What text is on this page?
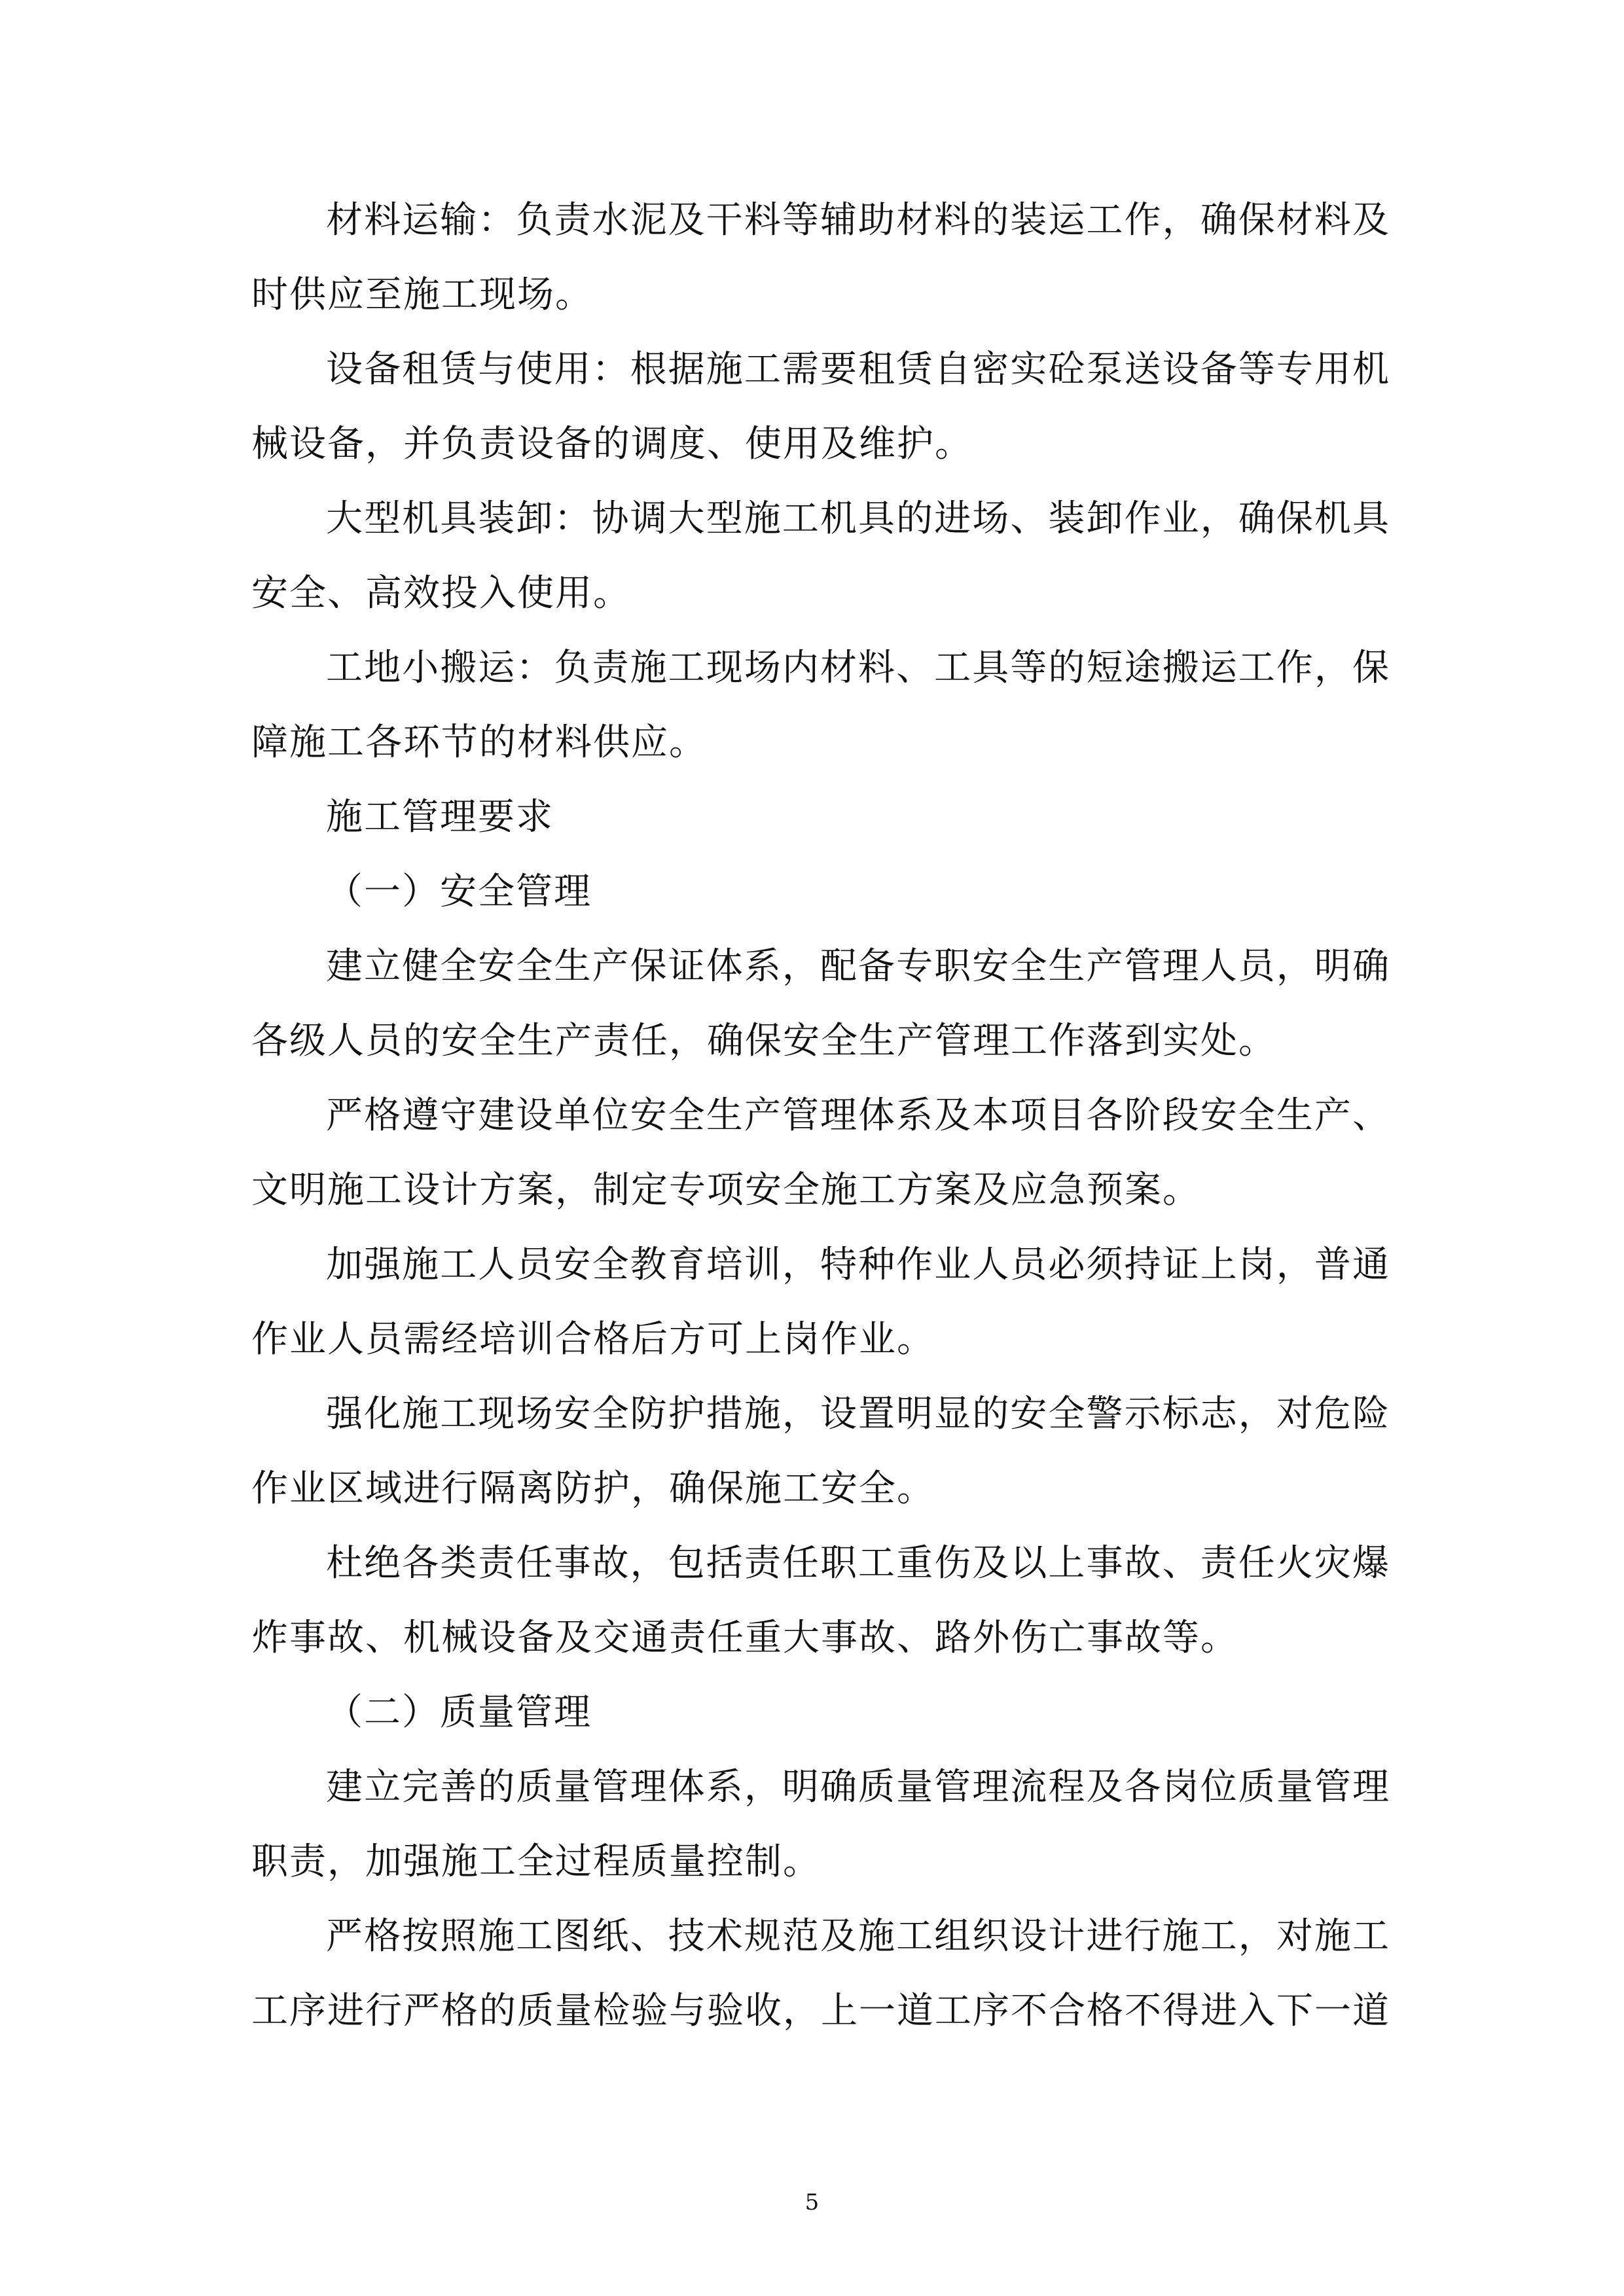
材料运输：负责水泥及干料等辅助材料的装运工作，确保材料及时供应至施工现场。

设备租赁与使用：根据施工需要租赁自密实砼泵送设备等专用机械设备，并负责设备的调度、使用及维护。

大型机具装卸：协调大型施工机具的进场、装卸作业，确保机具安全、高效投入使用。

工地小搬运：负责施工现场内材料、工具等的短途搬运工作，保障施工各环节的材料供应。

施工管理要求

（一）安全管理

建立健全安全生产保证体系，配备专职安全生产管理人员，明确各级人员的安全生产责任，确保安全生产管理工作落到实处。

严格遵守建设单位安全生产管理体系及本项目各阶段安全生产、文明施工设计方案，制定专项安全施工方案及应急预案。

加强施工人员安全教育培训，特种作业人员必须持证上岗，普通作业人员需经培训合格后方可上岗作业。

强化施工现场安全防护措施，设置明显的安全警示标志，对危险作业区域进行隔离防护，确保施工安全。

杜绝各类责任事故，包括责任职工重伤及以上事故、责任火灾爆炸事故、机械设备及交通责任重大事故、路外伤亡事故等。

（二）质量管理

建立完善的质量管理体系，明确质量管理流程及各岗位质量管理职责，加强施工全过程质量控制。

严格按照施工图纸、技术规范及施工组织设计进行施工，对施工工序进行严格的质量检验与验收，上一道工序不合格不得进入下一道

5
